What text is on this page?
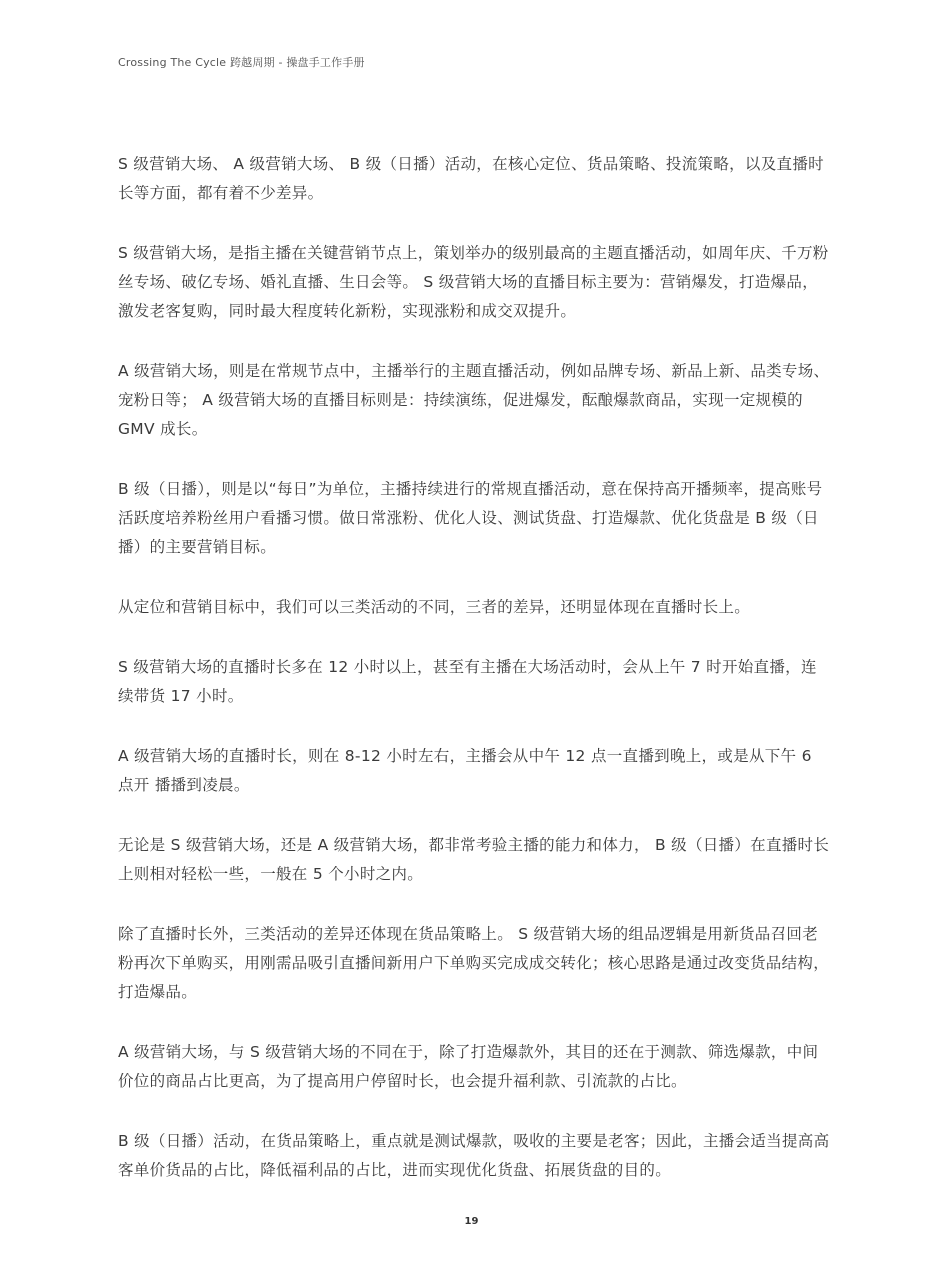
Crossing The Cycle 跨越周期 - 操盘手工作手册

S 级营销大场、 A 级营销大场、 B 级（日播）活动，在核心定位、货品策略、投流策略，以及直播时长等方面，都有着不少差异。

S 级营销大场，是指主播在关键营销节点上，策划举办的级别最高的主题直播活动，如周年庆、千万粉丝专场、破亿专场、婚礼直播、生日会等。 S 级营销大场的直播目标主要为：营销爆发，打造爆品，激发老客复购，同时最大程度转化新粉，实现涨粉和成交双提升。

A 级营销大场，则是在常规节点中，主播举行的主题直播活动，例如品牌专场、新品上新、品类专场、宠粉日等； A 级营销大场的直播目标则是：持续演练，促进爆发，酝酿爆款商品，实现一定规模的 GMV 成长。

B 级（日播），则是以“每日”为单位，主播持续进行的常规直播活动，意在保持高开播频率，提高账号活跃度培养粉丝用户看播习惯。做日常涨粉、优化人设、测试货盘、打造爆款、优化货盘是 B 级（日播）的主要营销目标。

从定位和营销目标中，我们可以三类活动的不同，三者的差异，还明显体现在直播时长上。

S 级营销大场的直播时长多在 12 小时以上，甚至有主播在大场活动时，会从上午 7 时开始直播，连续带货 17 小时。

A 级营销大场的直播时长，则在 8-12 小时左右，主播会从中午 12 点一直播到晚上，或是从下午 6 点开 播播到凌晨。

无论是 S 级营销大场，还是 A 级营销大场，都非常考验主播的能力和体力， B 级（日播）在直播时长上则相对轻松一些，一般在 5 个小时之内。

除了直播时长外，三类活动的差异还体现在货品策略上。 S 级营销大场的组品逻辑是用新货品召回老粉再次下单购买，用刚需品吸引直播间新用户下单购买完成成交转化；核心思路是通过改变货品结构，打造爆品。

A 级营销大场，与 S 级营销大场的不同在于，除了打造爆款外，其目的还在于测款、筛选爆款，中间价位的商品占比更高，为了提高用户停留时长，也会提升福利款、引流款的占比。

B 级（日播）活动，在货品策略上，重点就是测试爆款，吸收的主要是老客；因此，主播会适当提高高客单价货品的占比，降低福利品的占比，进而实现优化货盘、拓展货盘的目的。

19
